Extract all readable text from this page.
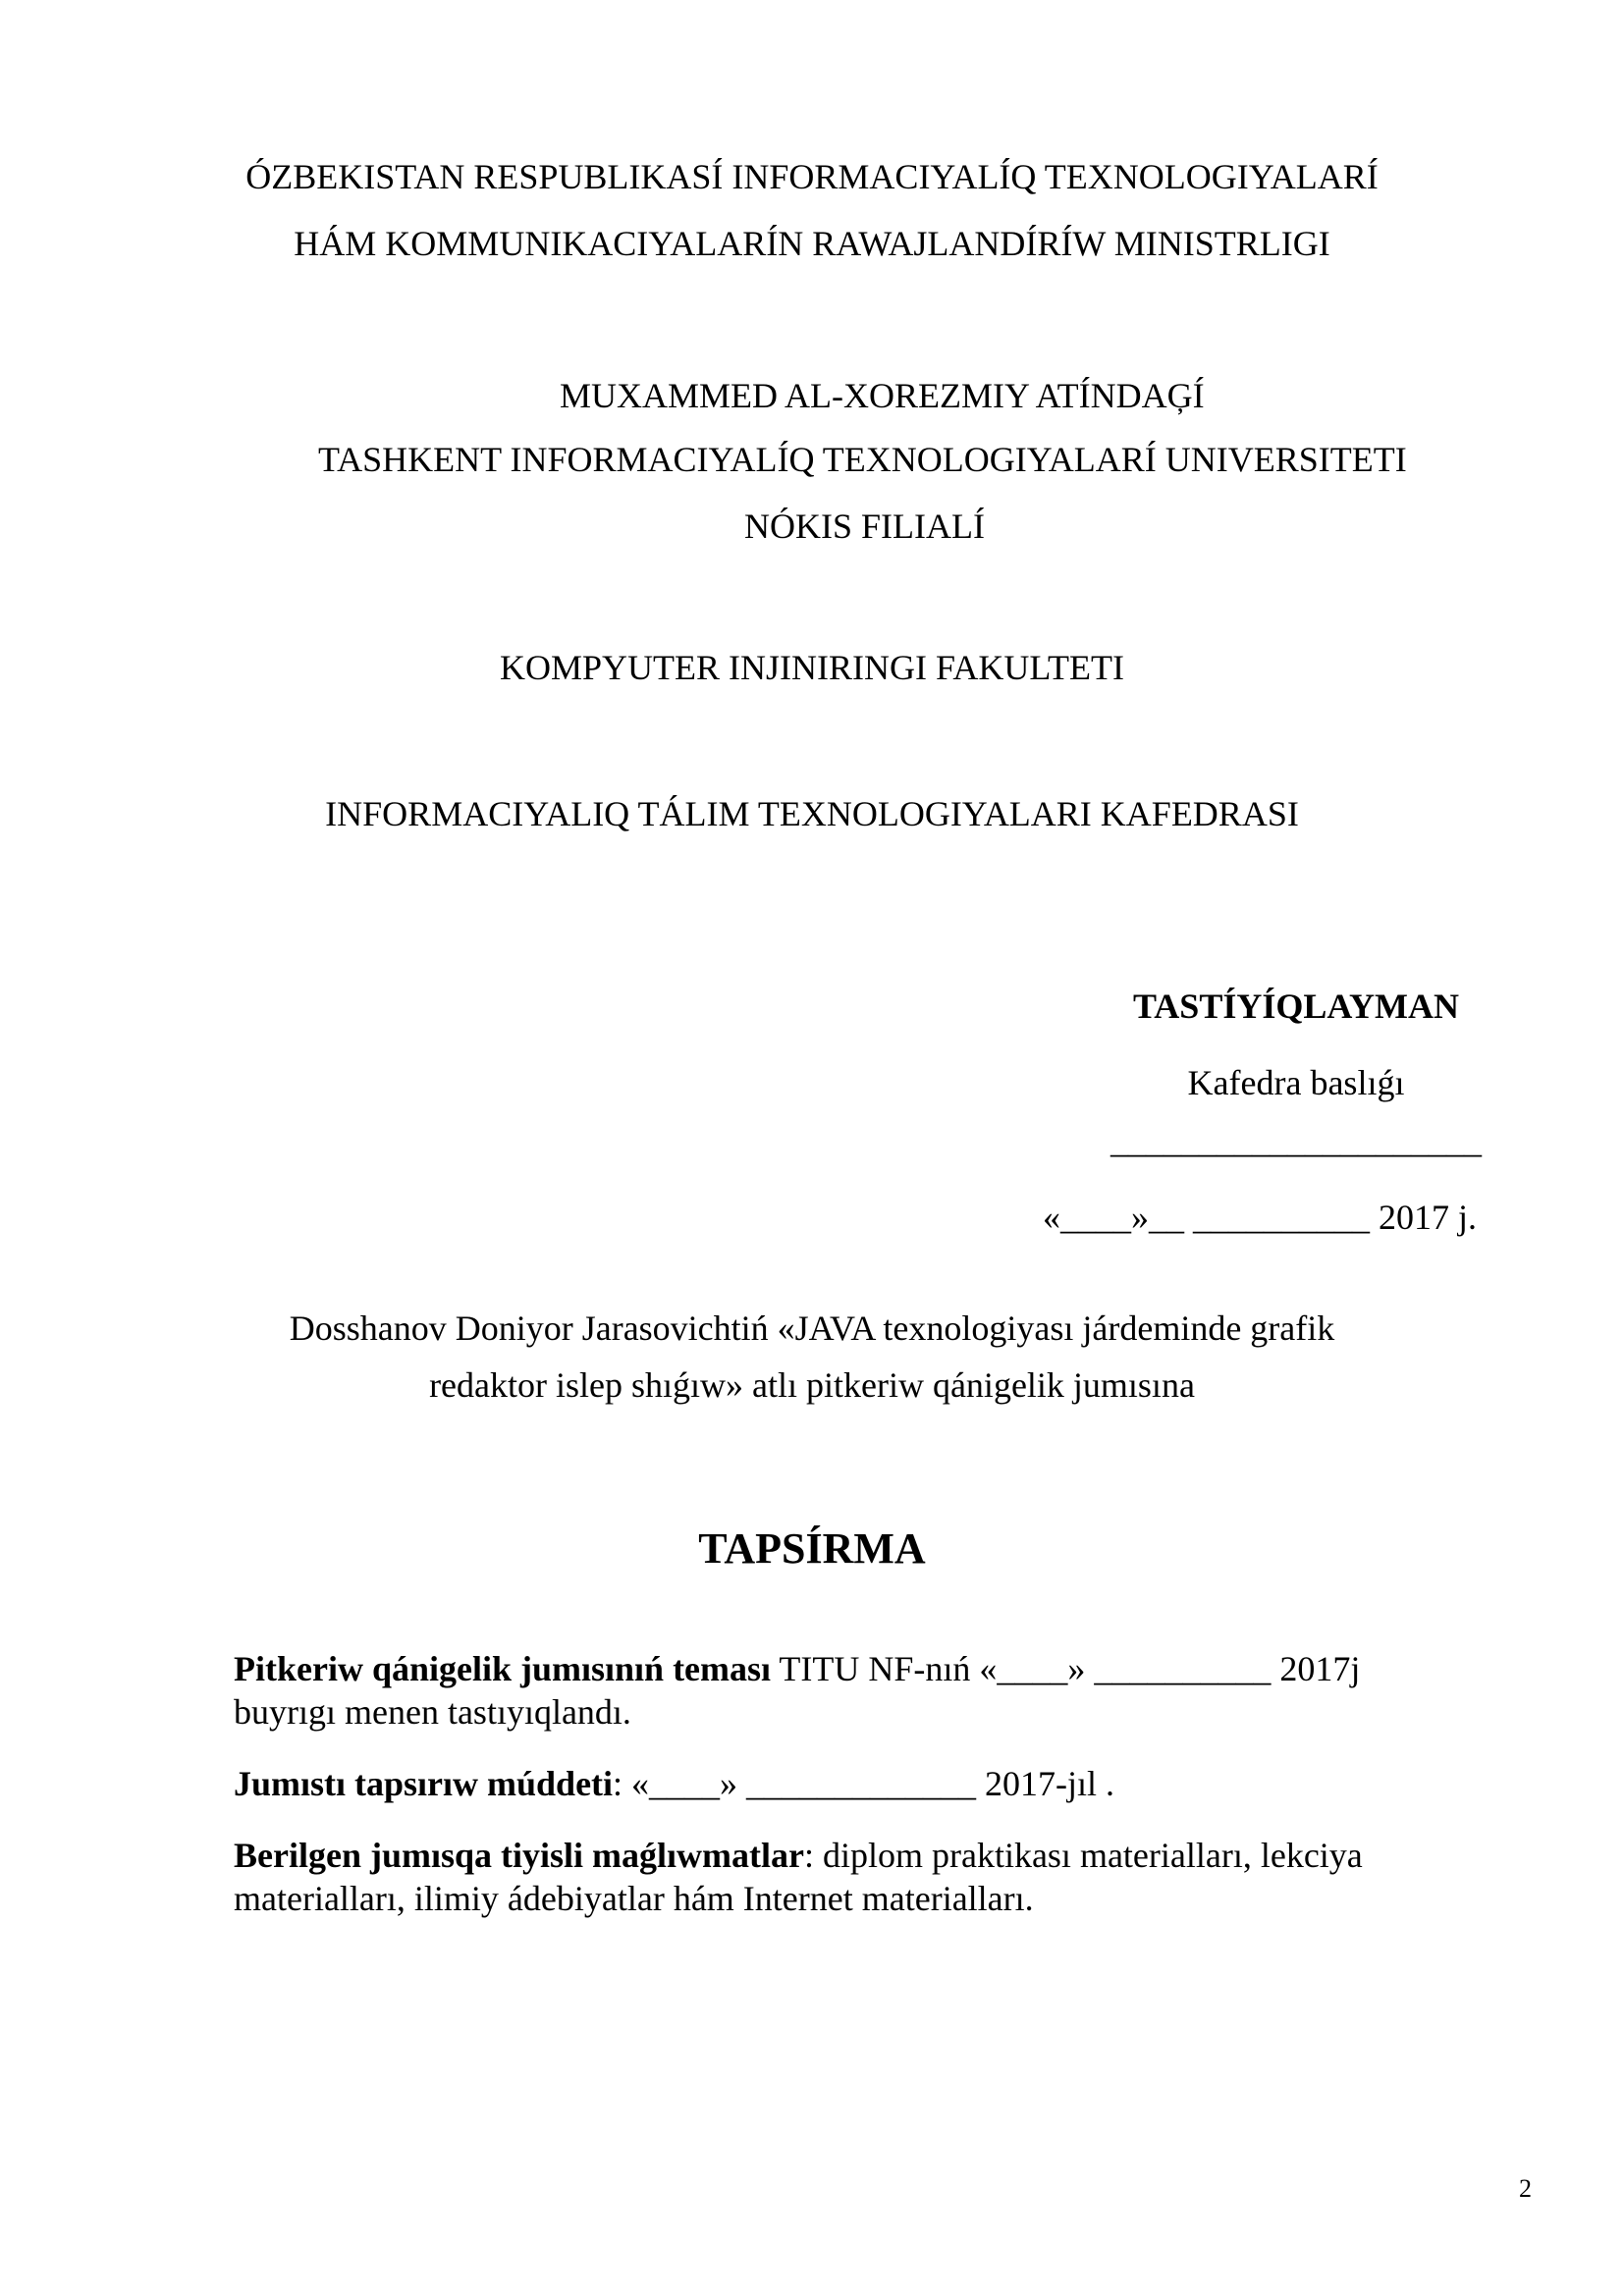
ÓZBEKISTAN RESPUBLIKASÍ INFORMACIYALÍQ TEXNOLOGIYALARÍ
HÁM KOMMUNIKACIYALARÍN RAWAJLANDÍRÍW MINISTRLIGI
MUXAMMED AL-XOREZMIY ATÍNDAĢÍ
TASHKENT INFORMACIYALÍQ TEXNOLOGIYALARÍ UNIVERSITETI
NÓKIS FILIALÍ
KOMPYUTER INJINIRINGI FAKULTETI
INFORMACIYALIQ TÁLIM TEXNOLOGIYALARI KAFEDRASI
TASTÍYÍQLAYMAN
Kafedra baslıǵı
_____________________
«____»__ __________ 2017 j.
Dosshanov Doniyor Jarasovichtiń «JAVA texnologiyası járdeminde grafik
redaktor islep shıǵıw» atlı pitkeriw qánigelik jumısına
TAPSÍRMA
Pitkeriw qánigelik jumısınıń teması TITU NF-nıń «____» __________ 2017j
buyrıgı menen tastıyıqlandı.
Jumıstı tapsırıw múddeti: «____» _____________ 2017-jıl .
Berilgen jumısqa tiyisli maǵlıwmatlar: diplom praktikası materialları, lekciya
materialları, ilimiy ádebiyatlar hám Internet materialları.
2
